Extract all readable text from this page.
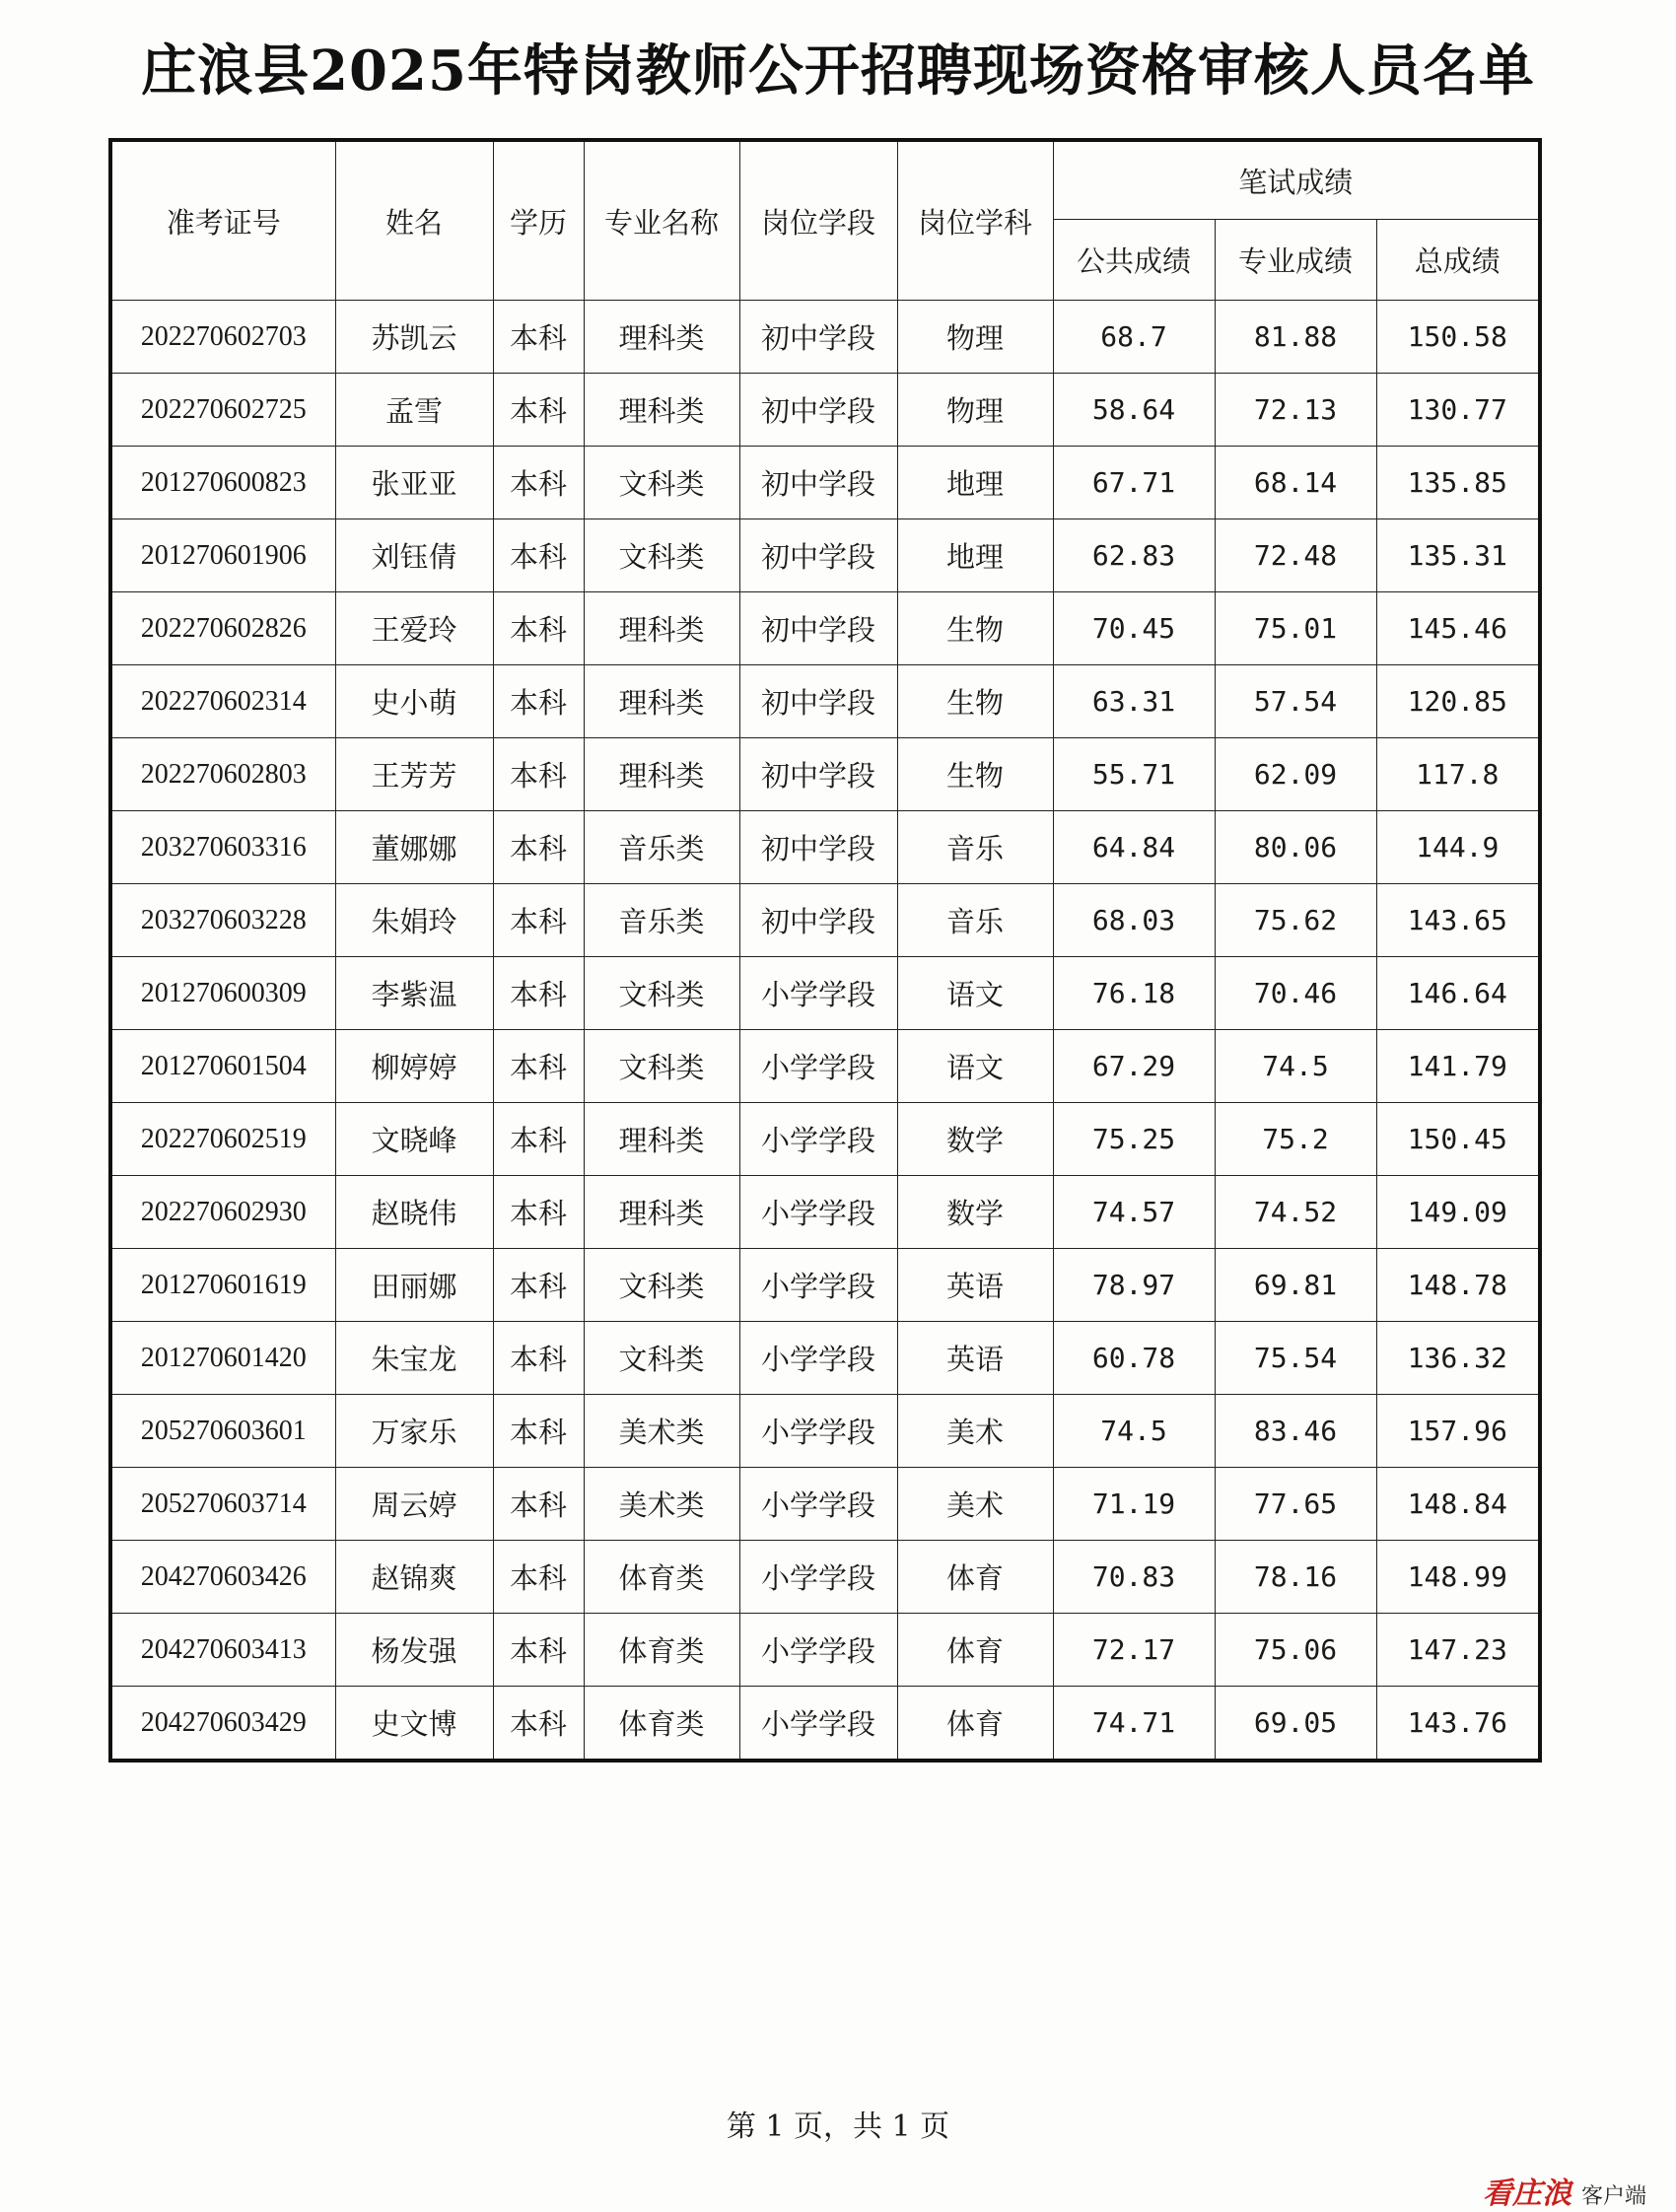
庄浪县2025年特岗教师公开招聘现场资格审核人员名单
准考证号	姓名	学历	专业名称	岗位学段	岗位学科	笔试成绩		
						公共成绩	专业成绩	总成绩
202270602703	苏凯云	本科	理科类	初中学段	物理	68.7	81.88	150.58
202270602725	孟雪	本科	理科类	初中学段	物理	58.64	72.13	130.77
201270600823	张亚亚	本科	文科类	初中学段	地理	67.71	68.14	135.85
201270601906	刘钰倩	本科	文科类	初中学段	地理	62.83	72.48	135.31
202270602826	王爱玲	本科	理科类	初中学段	生物	70.45	75.01	145.46
202270602314	史小萌	本科	理科类	初中学段	生物	63.31	57.54	120.85
202270602803	王芳芳	本科	理科类	初中学段	生物	55.71	62.09	117.8
203270603316	董娜娜	本科	音乐类	初中学段	音乐	64.84	80.06	144.9
203270603228	朱娟玲	本科	音乐类	初中学段	音乐	68.03	75.62	143.65
201270600309	李紫温	本科	文科类	小学学段	语文	76.18	70.46	146.64
201270601504	柳婷婷	本科	文科类	小学学段	语文	67.29	74.5	141.79
202270602519	文晓峰	本科	理科类	小学学段	数学	75.25	75.2	150.45
202270602930	赵晓伟	本科	理科类	小学学段	数学	74.57	74.52	149.09
201270601619	田丽娜	本科	文科类	小学学段	英语	78.97	69.81	148.78
201270601420	朱宝龙	本科	文科类	小学学段	英语	60.78	75.54	136.32
205270603601	万家乐	本科	美术类	小学学段	美术	74.5	83.46	157.96
205270603714	周云婷	本科	美术类	小学学段	美术	71.19	77.65	148.84
204270603426	赵锦爽	本科	体育类	小学学段	体育	70.83	78.16	148.99
204270603413	杨发强	本科	体育类	小学学段	体育	72.17	75.06	147.23
204270603429	史文博	本科	体育类	小学学段	体育	74.71	69.05	143.76
第 1 页，共 1 页
看庄浪 客户端
